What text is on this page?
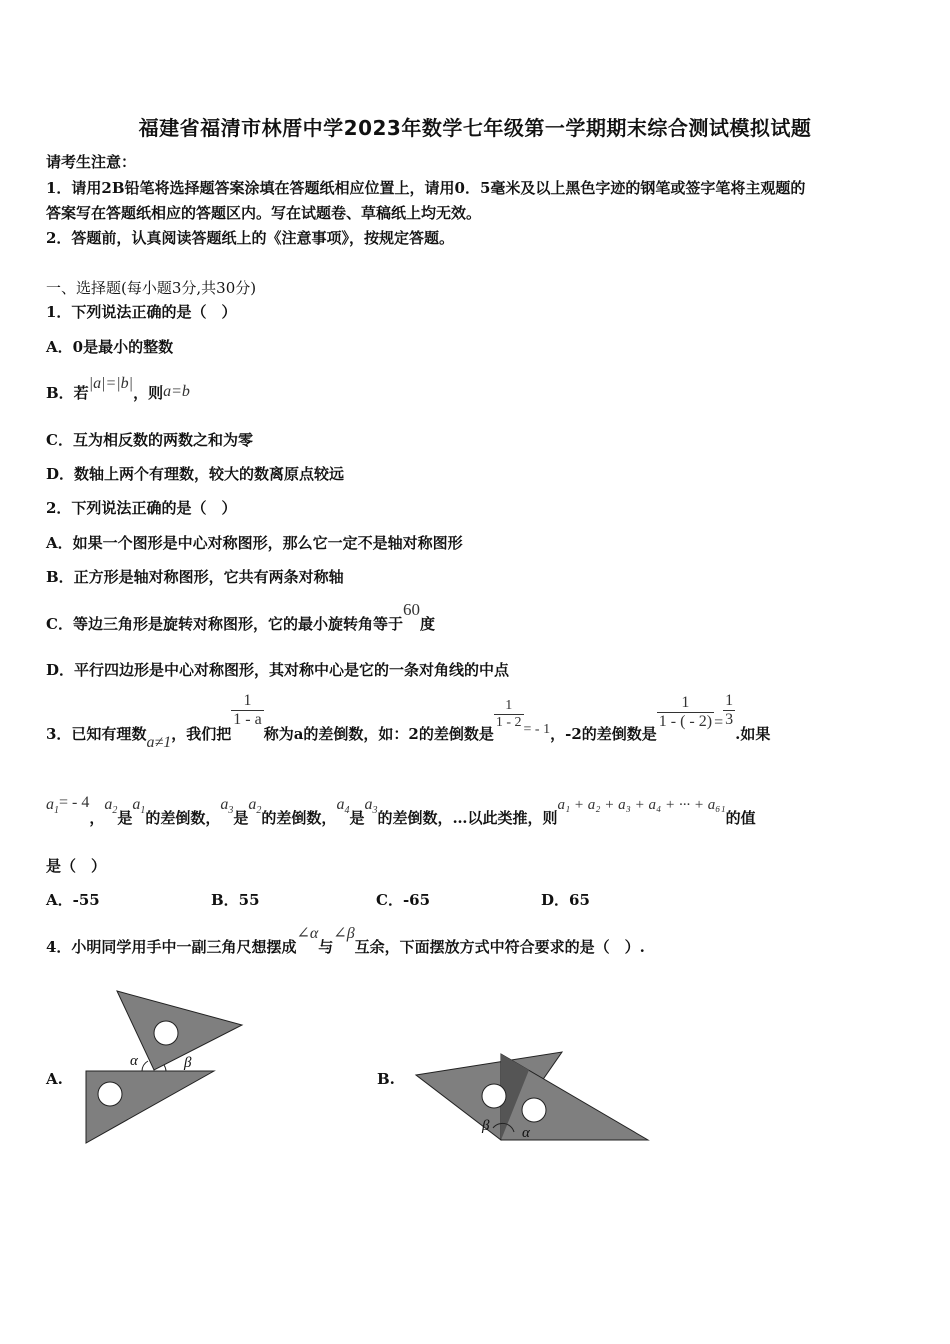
福建省福清市林厝中学2023年数学七年级第一学期期末综合测试模拟试题
请考生注意：
1．请用2B铅笔将选择题答案涂填在答题纸相应位置上，请用0．5毫米及以上黑色字迹的钢笔或签字笔将主观题的
答案写在答题纸相应的答题区内。写在试题卷、草稿纸上均无效。
2．答题前，认真阅读答题纸上的《注意事项》，按规定答题。
一、选择题(每小题3分,共30分)
1．下列说法正确的是（　）
A．0是最小的整数
B．若|a|=|b|，则a=b
C．互为相反数的两数之和为零
D．数轴上两个有理数，较大的数离原点较远
2．下列说法正确的是（　）
A．如果一个图形是中心对称图形，那么它一定不是轴对称图形
B．正方形是轴对称图形，它共有两条对称轴
C．等边三角形是旋转对称图形，它的最小旋转角等于60度
D．平行四边形是中心对称图形，其对称中心是它的一条对角线的中点
3．已知有理数a≠1，我们把
$\frac{1}{1 - a}$
称为a的差倒数，如：2的差倒数是
$\frac{1}{1 - 2}$ = - 1，-2的差倒数是
$\frac{1}{1 - ( - 2)} = \frac{1}{3}$
.如果
$a_1= - 4$，$a_2$是$a_1$的差倒数，$a_3$是$a_2$的差倒数，$a_4$是$a_3$的差倒数，…以此类推，则a₁ + a₂ + a₃ + a₄ + ··· + a₆₁的值
是（　）
A．-55	B．55	C．-65	D．65
4．小明同学用手中一副三角尺想摆成∠α与∠β互余，下面摆放方式中符合要求的是（　）.
A.	B.
α	β
β α
